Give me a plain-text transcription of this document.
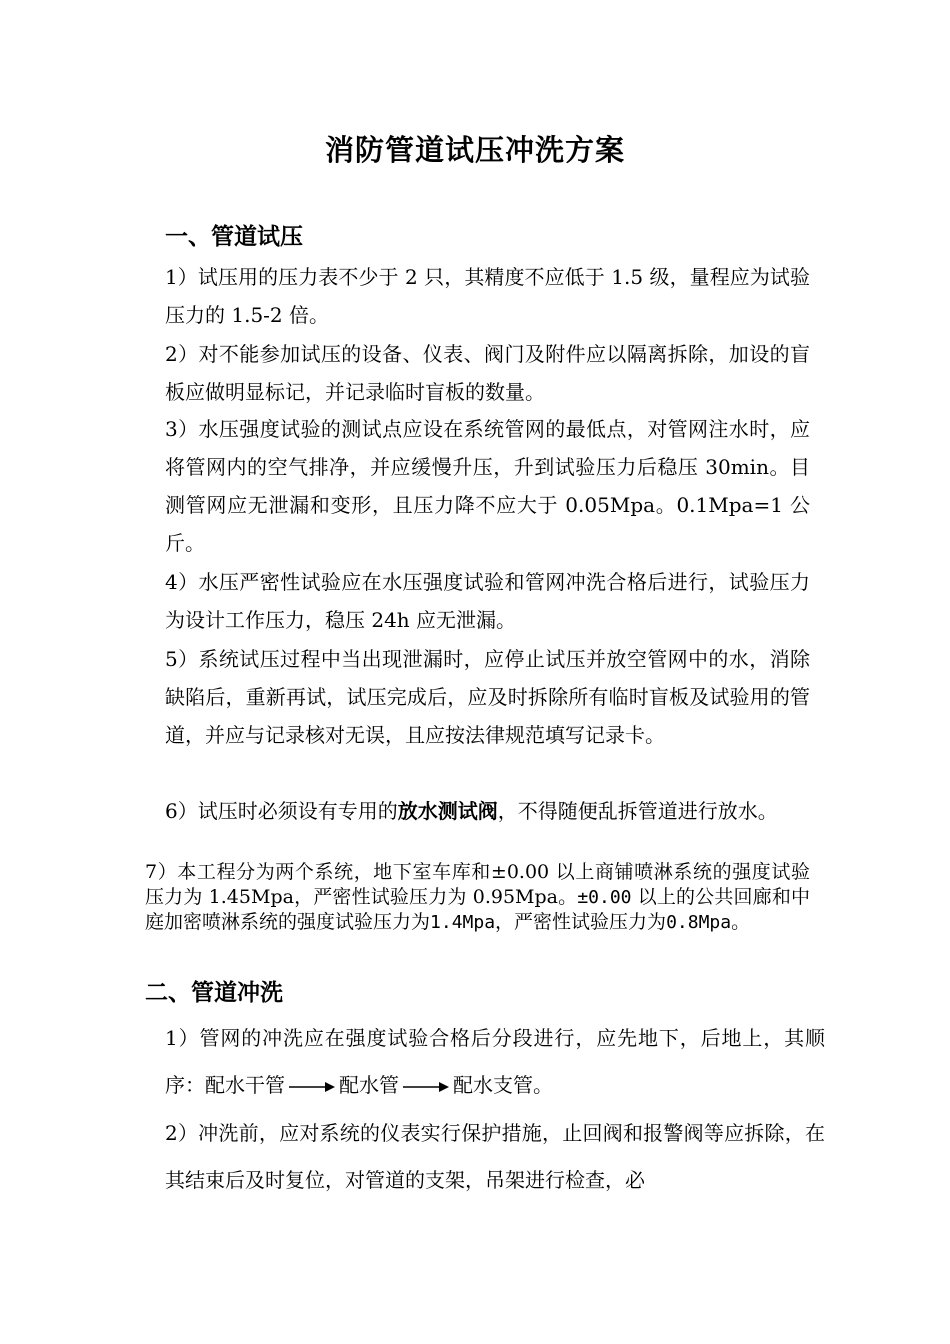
消防管道试压冲洗方案
一、管道试压
1）试压用的压力表不少于 2 只，其精度不应低于 1.5 级，量程应为试验压力的 1.5-2 倍。
2）对不能参加试压的设备、仪表、阀门及附件应以隔离拆除，加设的盲板应做明显标记，并记录临时盲板的数量。
3）水压强度试验的测试点应设在系统管网的最低点，对管网注水时，应将管网内的空气排净，并应缓慢升压，升到试验压力后稳压 30min。目测管网应无泄漏和变形，且压力降不应大于 0.05Mpa。0.1Mpa=1 公斤。
4）水压严密性试验应在水压强度试验和管网冲洗合格后进行，试验压力为设计工作压力，稳压 24h 应无泄漏。
5）系统试压过程中当出现泄漏时，应停止试压并放空管网中的水，消除缺陷后，重新再试，试压完成后，应及时拆除所有临时盲板及试验用的管道，并应与记录核对无误，且应按法律规范填写记录卡。
6）试压时必须设有专用的放水测试阀，不得随便乱拆管道进行放水。
7）本工程分为两个系统，地下室车库和±0.00 以上商铺喷淋系统的强度试验压力为 1.45Mpa，严密性试验压力为 0.95Mpa。±0.00 以上的公共回廊和中庭加密喷淋系统的强度试验压力为1.4Mpa，严密性试验压力为0.8Mpa。
二、管道冲洗
1）管网的冲洗应在强度试验合格后分段进行，应先地下，后地上，其顺序：配水干管	配水管	配水支管。
2）冲洗前，应对系统的仪表实行保护措施，止回阀和报警阀等应拆除，在其结束后及时复位，对管道的支架，吊架进行检查，必
